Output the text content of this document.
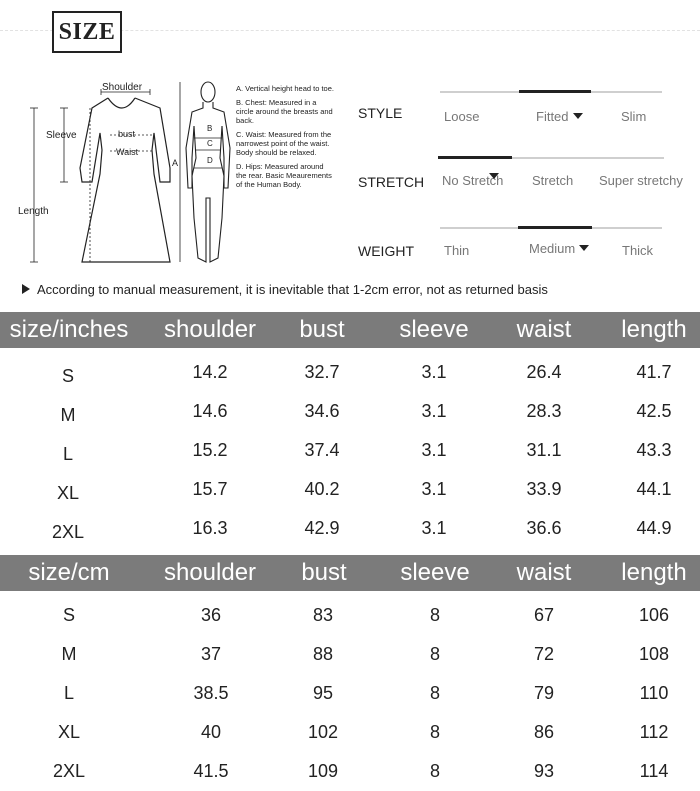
SIZE
Shoulder
Sleeve
Length
bust
Waist
A
B
C
D
A. Vertical height head to toe.
B. Chest: Measured in a circle around the breasts and back.
C. Waist: Measured from the narrowest point of the waist. Body should be relaxed.
D. Hips: Measured around the rear. Basic Meaurements of the Human Body.
STYLE	Loose	Fitted	Slim
STRETCH No Stretch Stretch Super stretchy
WEIGHT Thin	Medium	Thick
According to manual measurement, it is inevitable that 1-2cm error, not as returned basis
size/inches	shoulder	bust	sleeve	waist	length
S	14.2	32.7	3.1	26.4	41.7
M	14.6	34.6	3.1	28.3	42.5
L	15.2	37.4	3.1	31.1	43.3
XL	15.7	40.2	3.1	33.9	44.1
2XL	16.3	42.9	3.1	36.6	44.9
size/cm	shoulder	bust	sleeve	waist	length
S	36	83	8	67	106
M	37	88	8	72	108
L	38.5	95	8	79	110
XL	40	102	8	86	112
2XL	41.5	109	8	93	114
